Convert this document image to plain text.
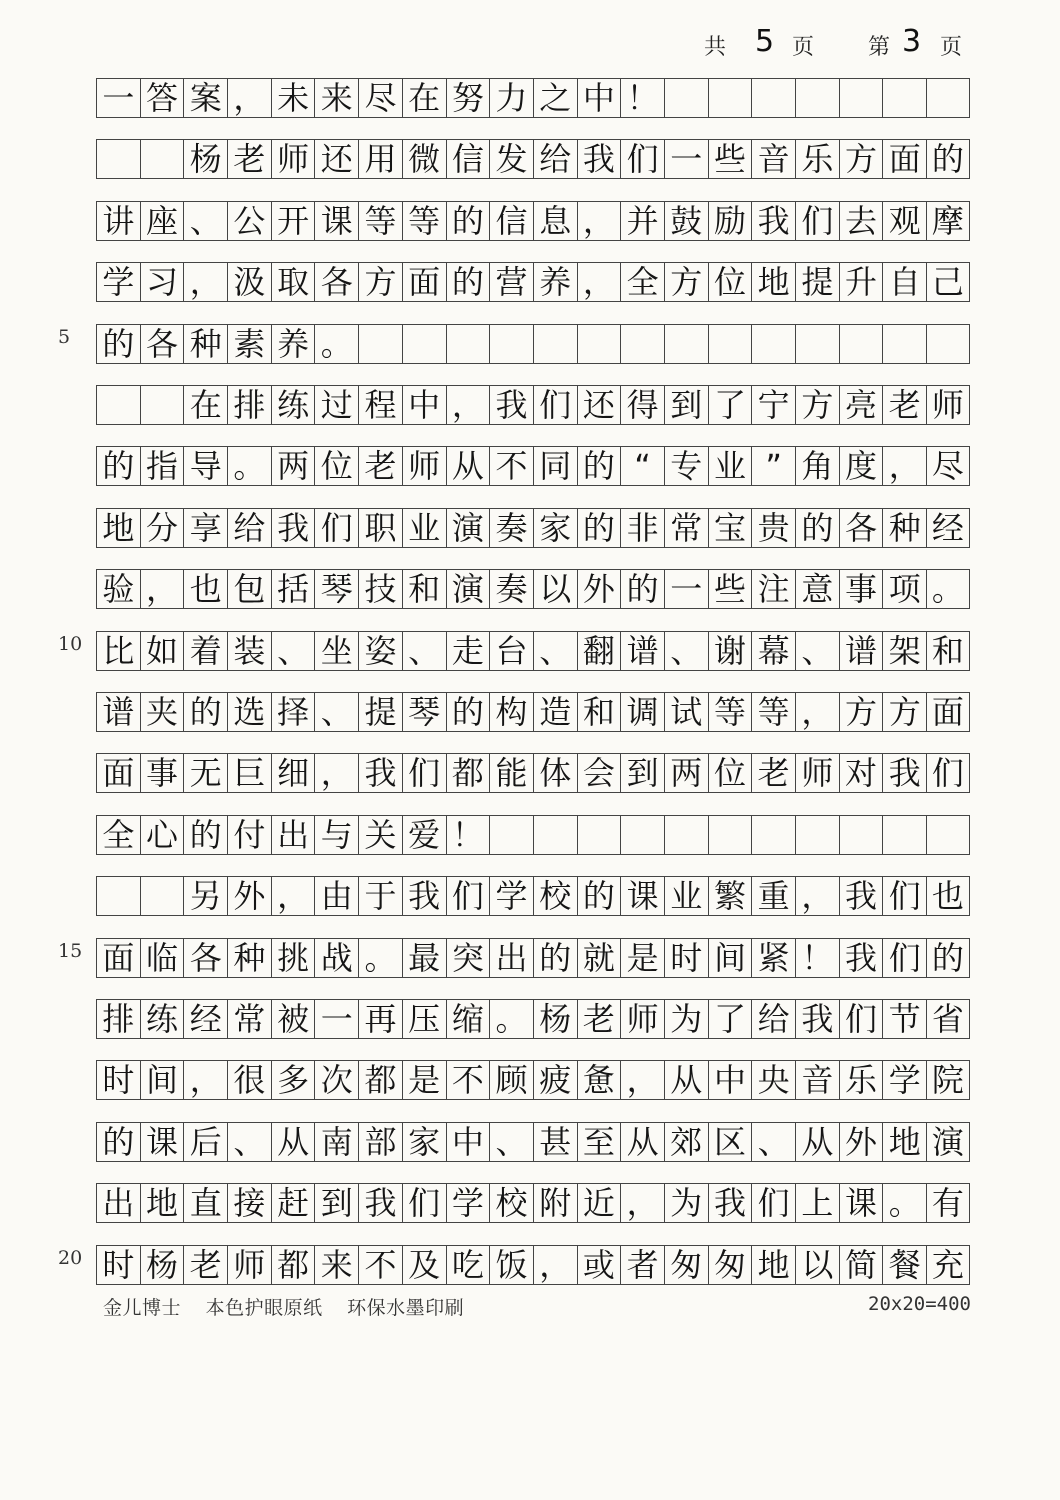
共 5 页 第 3 页
一 答 案 ， 未 来 尽 在 努 力 之 中 ！
杨 老 师 还 用 微 信 发 给 我 们 一 些 音 乐 方 面 的
讲 座 、 公 开 课 等 等 的 信 息 ， 并 鼓 励 我 们 去 观 摩
学 习 ， 汲 取 各 方 面 的 营 养 ， 全 方 位 地 提 升 自 己
的 各 种 素 养 。
在 排 练 过 程 中 ， 我 们 还 得 到 了 宁 方 亮 老 师
的 指 导 。 两 位 老 师 从 不 同 的 “ 专 业 ” 角 度 ， 尽
地 分 享 给 我 们 职 业 演 奏 家 的 非 常 宝 贵 的 各 种 经
验 ， 也 包 括 琴 技 和 演 奏 以 外 的 一 些 注 意 事 项 。
比 如 着 装 、 坐 姿 、 走 台 、 翻 谱 、 谢 幕 、 谱 架 和
谱 夹 的 选 择 、 提 琴 的 构 造 和 调 试 等 等 ， 方 方 面
面 事 无 巨 细 ， 我 们 都 能 体 会 到 两 位 老 师 对 我 们
全 心 的 付 出 与 关 爱 ！
另 外 ， 由 于 我 们 学 校 的 课 业 繁 重 ， 我 们 也
面 临 各 种 挑 战 。 最 突 出 的 就 是 时 间 紧 ！ 我 们 的
排 练 经 常 被 一 再 压 缩 。 杨 老 师 为 了 给 我 们 节 省
时 间 ， 很 多 次 都 是 不 顾 疲 惫 ， 从 中 央 音 乐 学 院
的 课 后 、 从 南 部 家 中 、 甚 至 从 郊 区 、 从 外 地 演
出 地 直 接 赶 到 我 们 学 校 附 近 ， 为 我 们 上 课 。 有
时 杨 老 师 都 来 不 及 吃 饭 ， 或 者 匆 匆 地 以 简 餐 充
5
10
15
20
金儿博士 本色护眼原纸 环保水墨印刷	20x20=400
